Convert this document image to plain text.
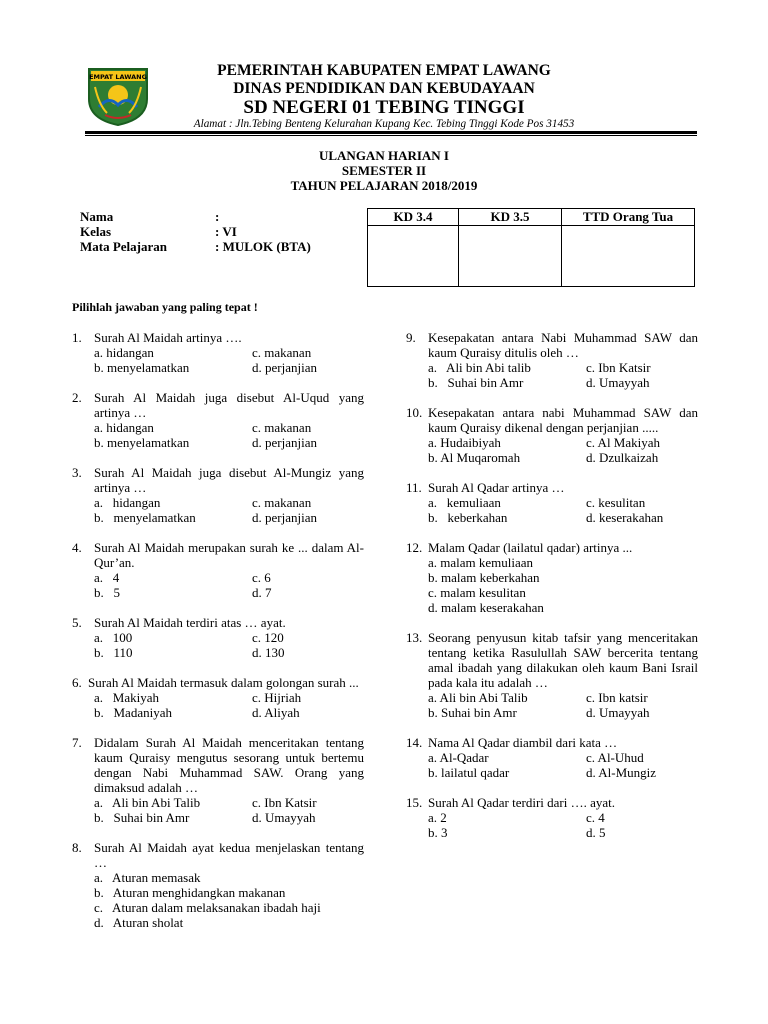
EMPAT LAWANG	PEMERINTAH KABUPATEN EMPAT LAWANG
DINAS PENDIDIKAN DAN KEBUDAYAAN
SD NEGERI 01 TEBING TINGGI
Alamat : Jln.Tebing Benteng Kelurahan Kupang Kec. Tebing Tinggi Kode Pos 31453
ULANGAN HARIAN I
SEMESTER II
TAHUN PELAJARAN 2018/2019
Nama	:
Kelas	: VI
Mata Pelajaran	: MULOK (BTA)
KD 3.4	KD 3.5	TTD Orang Tua

Pilihlah jawaban yang paling tepat !
1. Surah Al Maidah artinya ….
a. hidangan	c. makanan
b. menyelamatkan	d. perjanjian
2. Surah Al Maidah juga disebut Al-Uqud yang artinya …
a. hidangan	c. makanan
b. menyelamatkan	d. perjanjian
3. Surah Al Maidah juga disebut Al-Mungiz yang artinya …
a.   hidangan	c. makanan
b.   menyelamatkan	d. perjanjian
4. Surah Al Maidah merupakan surah ke ... dalam Al-Qur’an.
a.   4	c. 6
b.   5	d. 7
5. Surah Al Maidah terdiri atas … ayat.
a.   100	c. 120
b.   110	d. 130
6. Surah Al Maidah termasuk dalam golongan surah ...
a.   Makiyah	c. Hijriah
b.   Madaniyah	d. Aliyah
7. Didalam Surah Al Maidah menceritakan tentang kaum Quraisy mengutus sesorang untuk bertemu dengan Nabi Muhammad SAW. Orang yang dimaksud adalah …
a.   Ali bin Abi Talib	c. Ibn Katsir
b.   Suhai bin Amr	d. Umayyah
8. Surah Al Maidah ayat kedua menjelaskan tentang …
a.   Aturan memasak
b.   Aturan menghidangkan makanan
c.   Aturan dalam melaksanakan ibadah haji
d.   Aturan sholat
9. Kesepakatan antara Nabi Muhammad SAW dan kaum Quraisy ditulis oleh …
a.   Ali bin Abi talib	c. Ibn Katsir
b.   Suhai bin Amr	d. Umayyah
10. Kesepakatan antara nabi Muhammad SAW dan kaum Quraisy dikenal dengan perjanjian .....
a. Hudaibiyah	c. Al Makiyah
b. Al Muqaromah	d. Dzulkaizah
11. Surah Al Qadar artinya …
a.   kemuliaan	c. kesulitan
b.   keberkahan	d. keserakahan
12. Malam Qadar (lailatul qadar) artinya ...
a. malam kemuliaan
b. malam keberkahan
c. malam kesulitan
d. malam keserakahan
13. Seorang penyusun kitab tafsir yang menceritakan tentang ketika Rasulullah SAW bercerita tentang amal ibadah yang dilakukan oleh kaum Bani Israil pada kala itu adalah …
a. Ali bin Abi Talib	c. Ibn katsir
b. Suhai bin Amr	d. Umayyah
14. Nama Al Qadar diambil dari kata …
a. Al-Qadar	c. Al-Uhud
b. lailatul qadar	d. Al-Mungiz
15. Surah Al Qadar terdiri dari …. ayat.
a. 2	c. 4
b. 3	d. 5
